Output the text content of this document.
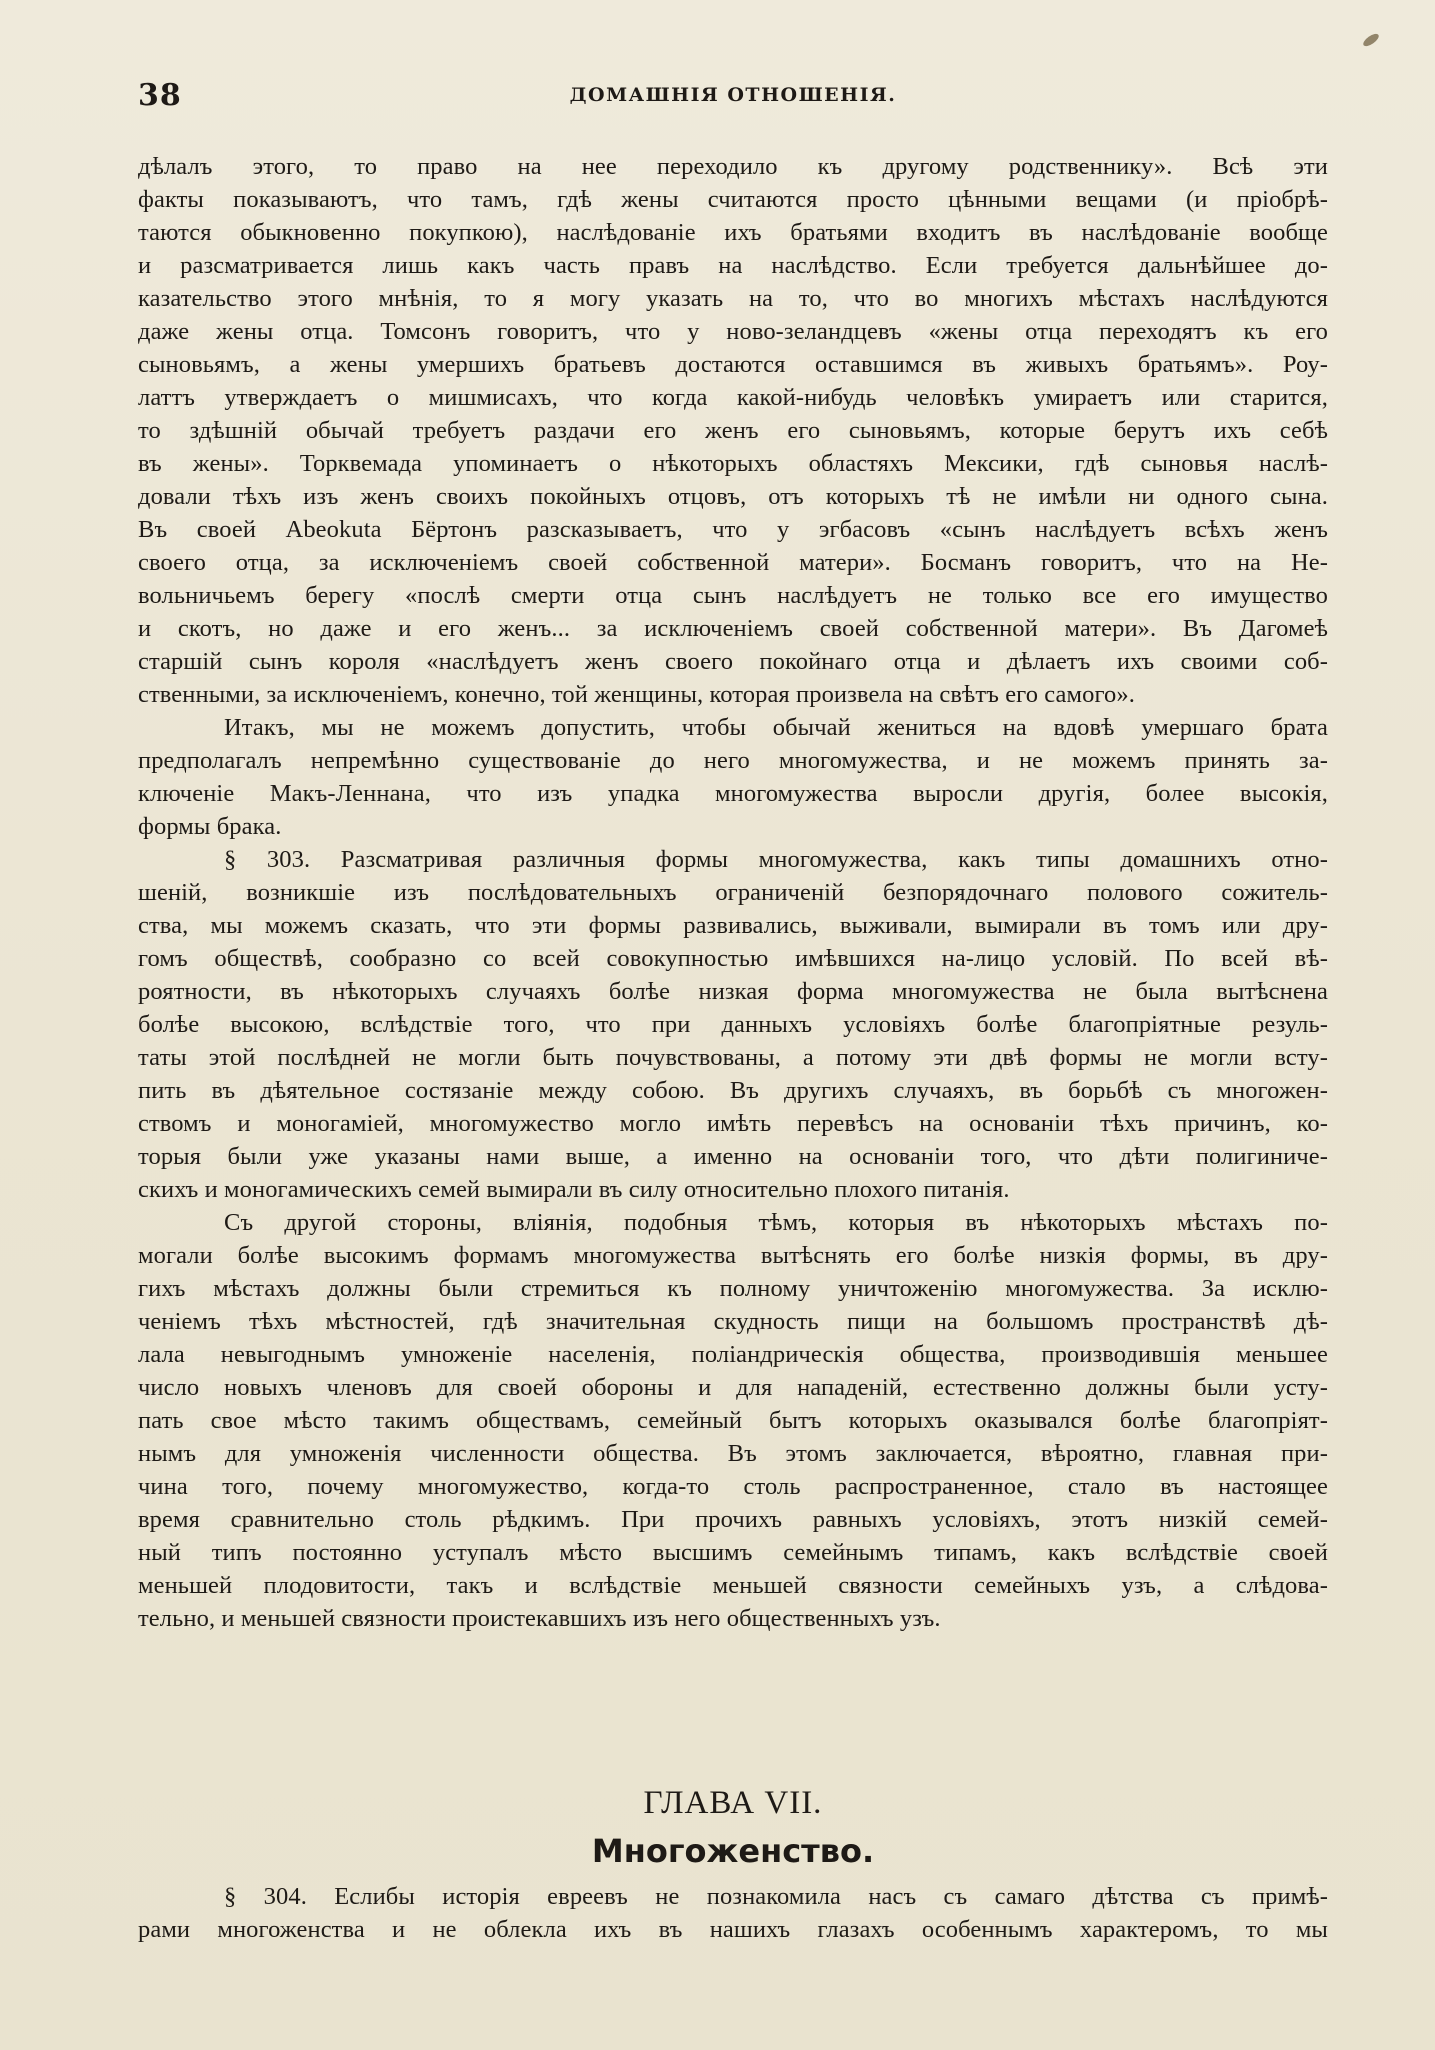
38	ДОМАШНІЯ ОТНОШЕНІЯ.
дѣлалъ этого, то право на нее переходило къ другому родственнику». Всѣ эти
факты показываютъ, что тамъ, гдѣ жены считаются просто цѣнными вещами (и пріобрѣ-
таются обыкновенно покупкою), наслѣдованіе ихъ братьями входитъ въ наслѣдованіе вообще
и разсматривается лишь какъ часть правъ на наслѣдство. Если требуется дальнѣйшее до-
казательство этого мнѣнія, то я могу указать на то, что во многихъ мѣстахъ наслѣдуются
даже жены отца. Томсонъ говоритъ, что у ново-зеландцевъ «жены отца переходятъ къ его
сыновьямъ, а жены умершихъ братьевъ достаются оставшимся въ живыхъ братьямъ». Роу-
латтъ утверждаетъ о мишмисахъ, что когда какой-нибудь человѣкъ умираетъ или старится,
то здѣшній обычай требуетъ раздачи его женъ его сыновьямъ, которые берутъ ихъ себѣ
въ жены». Торквемада упоминаетъ о нѣкоторыхъ областяхъ Мексики, гдѣ сыновья наслѣ-
довали тѣхъ изъ женъ своихъ покойныхъ отцовъ, отъ которыхъ тѣ не имѣли ни одного сына.
Въ своей Abeokuta Бёртонъ разсказываетъ, что у эгбасовъ «сынъ наслѣдуетъ всѣхъ женъ
своего отца, за исключеніемъ своей собственной матери». Босманъ говоритъ, что на Не-
вольничьемъ берегу «послѣ смерти отца сынъ наслѣдуетъ не только все его имущество
и скотъ, но даже и его женъ... за исключеніемъ своей собственной матери». Въ Дагомеѣ
старшій сынъ короля «наслѣдуетъ женъ своего покойнаго отца и дѣлаетъ ихъ своими соб-
ственными, за исключеніемъ, конечно, той женщины, которая произвела на свѣтъ его самого».
Итакъ, мы не можемъ допустить, чтобы обычай жениться на вдовѣ умершаго брата
предполагалъ непремѣнно существованіе до него многомужества, и не можемъ принять за-
ключеніе Макъ-Леннана, что изъ упадка многомужества выросли другія, более высокія,
формы брака.
§ 303. Разсматривая различныя формы многомужества, какъ типы домашнихъ отно-
шеній, возникшіе изъ послѣдовательныхъ ограниченій безпорядочнаго полового сожитель-
ства, мы можемъ сказать, что эти формы развивались, выживали, вымирали въ томъ или дру-
гомъ обществѣ, сообразно со всей совокупностью имѣвшихся на-лицо условій. По всей вѣ-
роятности, въ нѣкоторыхъ случаяхъ болѣе низкая форма многомужества не была вытѣснена
болѣе высокою, вслѣдствіе того, что при данныхъ условіяхъ болѣе благопріятные резуль-
таты этой послѣдней не могли быть почувствованы, а потому эти двѣ формы не могли всту-
пить въ дѣятельное состязаніе между собою. Въ другихъ случаяхъ, въ борьбѣ съ многожен-
ствомъ и моногаміей, многомужество могло имѣть перевѣсъ на основаніи тѣхъ причинъ, ко-
торыя были уже указаны нами выше, а именно на основаніи того, что дѣти полигиниче-
скихъ и моногамическихъ семей вымирали въ силу относительно плохого питанія.
Съ другой стороны, вліянія, подобныя тѣмъ, которыя въ нѣкоторыхъ мѣстахъ по-
могали болѣе высокимъ формамъ многомужества вытѣснять его болѣе низкія формы, въ дру-
гихъ мѣстахъ должны были стремиться къ полному уничтоженію многомужества. За исклю-
ченіемъ тѣхъ мѣстностей, гдѣ значительная скудность пищи на большомъ пространствѣ дѣ-
лала невыгоднымъ умноженіе населенія, поліандрическія общества, производившія меньшее
число новыхъ членовъ для своей обороны и для нападеній, естественно должны были усту-
пать свое мѣсто такимъ обществамъ, семейный бытъ которыхъ оказывался болѣе благопріят-
нымъ для умноженія численности общества. Въ этомъ заключается, вѣроятно, главная при-
чина того, почему многомужество, когда-то столь распространенное, стало въ настоящее
время сравнительно столь рѣдкимъ. При прочихъ равныхъ условіяхъ, этотъ низкій семей-
ный типъ постоянно уступалъ мѣсто высшимъ семейнымъ типамъ, какъ вслѣдствіе своей
меньшей плодовитости, такъ и вслѣдствіе меньшей связности семейныхъ узъ, а слѣдова-
тельно, и меньшей связности проистекавшихъ изъ него общественныхъ узъ.
ГЛАВА VII.
Многоженство.
§ 304. Еслибы исторія евреевъ не познакомила насъ съ самаго дѣтства съ примѣ-
рами многоженства и не облекла ихъ въ нашихъ глазахъ особеннымъ характеромъ, то мы
